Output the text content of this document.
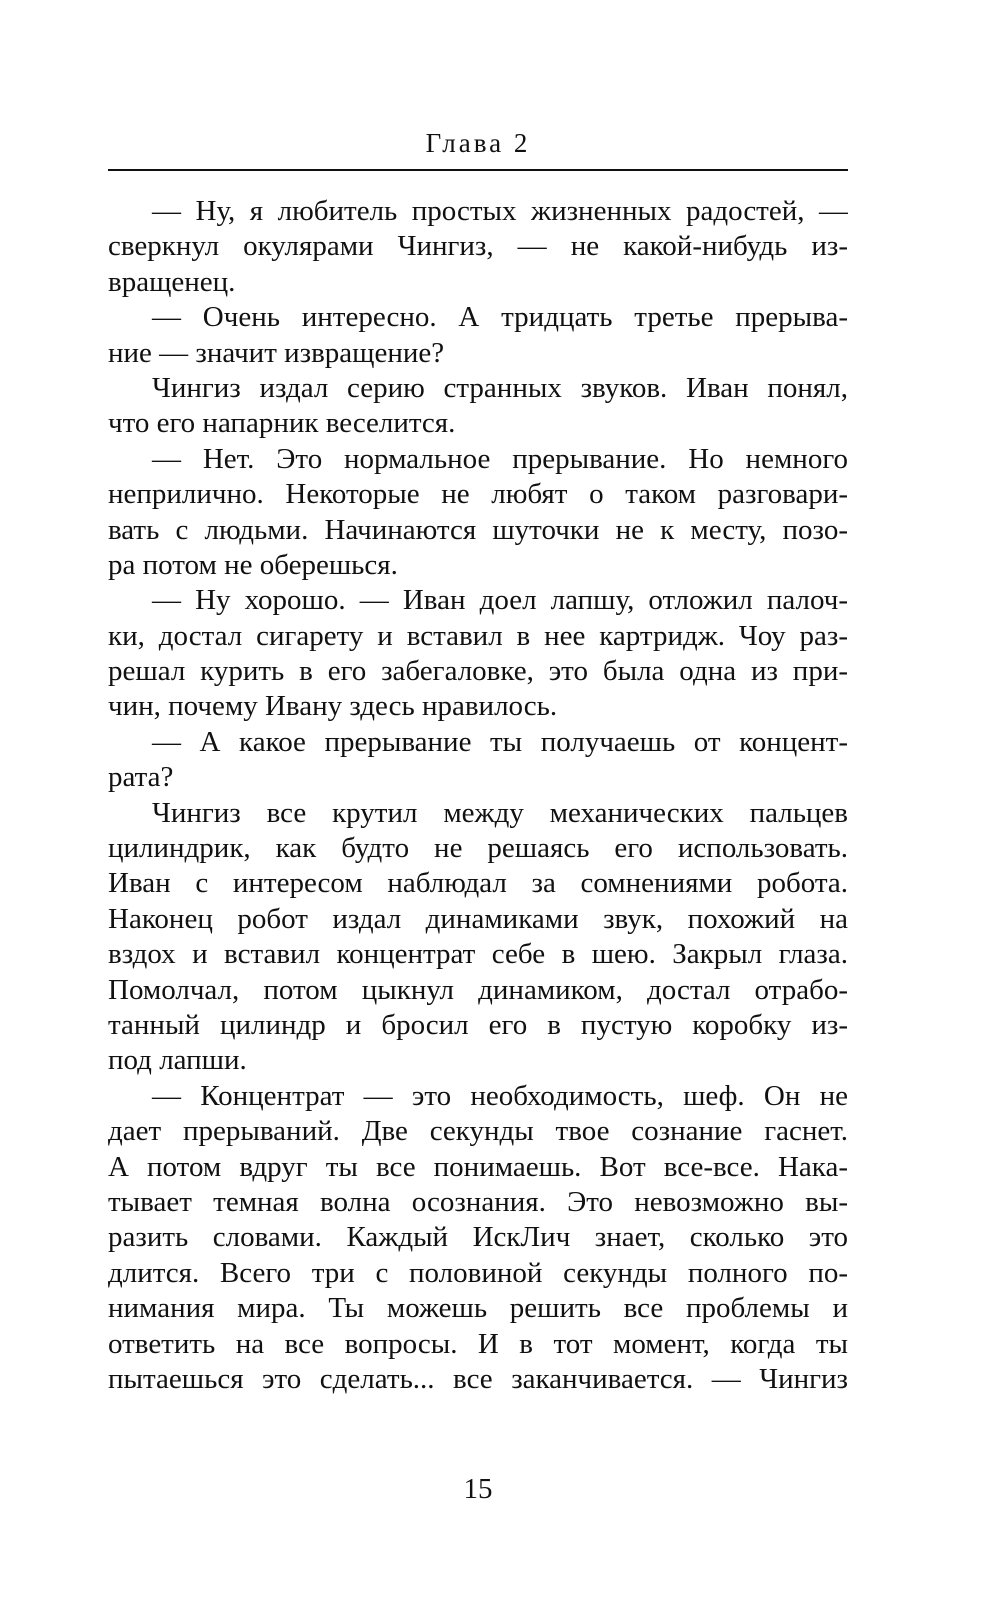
Глава 2
— Ну, я любитель простых жизненных радостей, —
сверкнул окулярами Чингиз, — не какой-нибудь из-
вращенец.
— Очень интересно. А тридцать третье прерыва-
ние — значит извращение?
Чингиз издал серию странных звуков. Иван понял,
что его напарник веселится.
— Нет. Это нормальное прерывание. Но немного
неприлично. Некоторые не любят о таком разговари-
вать с людьми. Начинаются шуточки не к месту, позо-
ра потом не оберешься.
— Ну хорошо. — Иван доел лапшу, отложил палоч-
ки, достал сигарету и вставил в нее картридж. Чоу раз-
решал курить в его забегаловке, это была одна из при-
чин, почему Ивану здесь нравилось.
— А какое прерывание ты получаешь от концент-
рата?
Чингиз все крутил между механических пальцев
цилиндрик, как будто не решаясь его использовать.
Иван с интересом наблюдал за сомнениями робота.
Наконец робот издал динамиками звук, похожий на
вздох и вставил концентрат себе в шею. Закрыл глаза.
Помолчал, потом цыкнул динамиком, достал отрабо-
танный цилиндр и бросил его в пустую коробку из-
под лапши.
— Концентрат — это необходимость, шеф. Он не
дает прерываний. Две секунды твое сознание гаснет.
А потом вдруг ты все понимаешь. Вот все-все. Нака-
тывает темная волна осознания. Это невозможно вы-
разить словами. Каждый ИскЛич знает, сколько это
длится. Всего три с половиной секунды полного по-
нимания мира. Ты можешь решить все проблемы и
ответить на все вопросы. И в тот момент, когда ты
пытаешься это сделать... все заканчивается. — Чингиз
15
